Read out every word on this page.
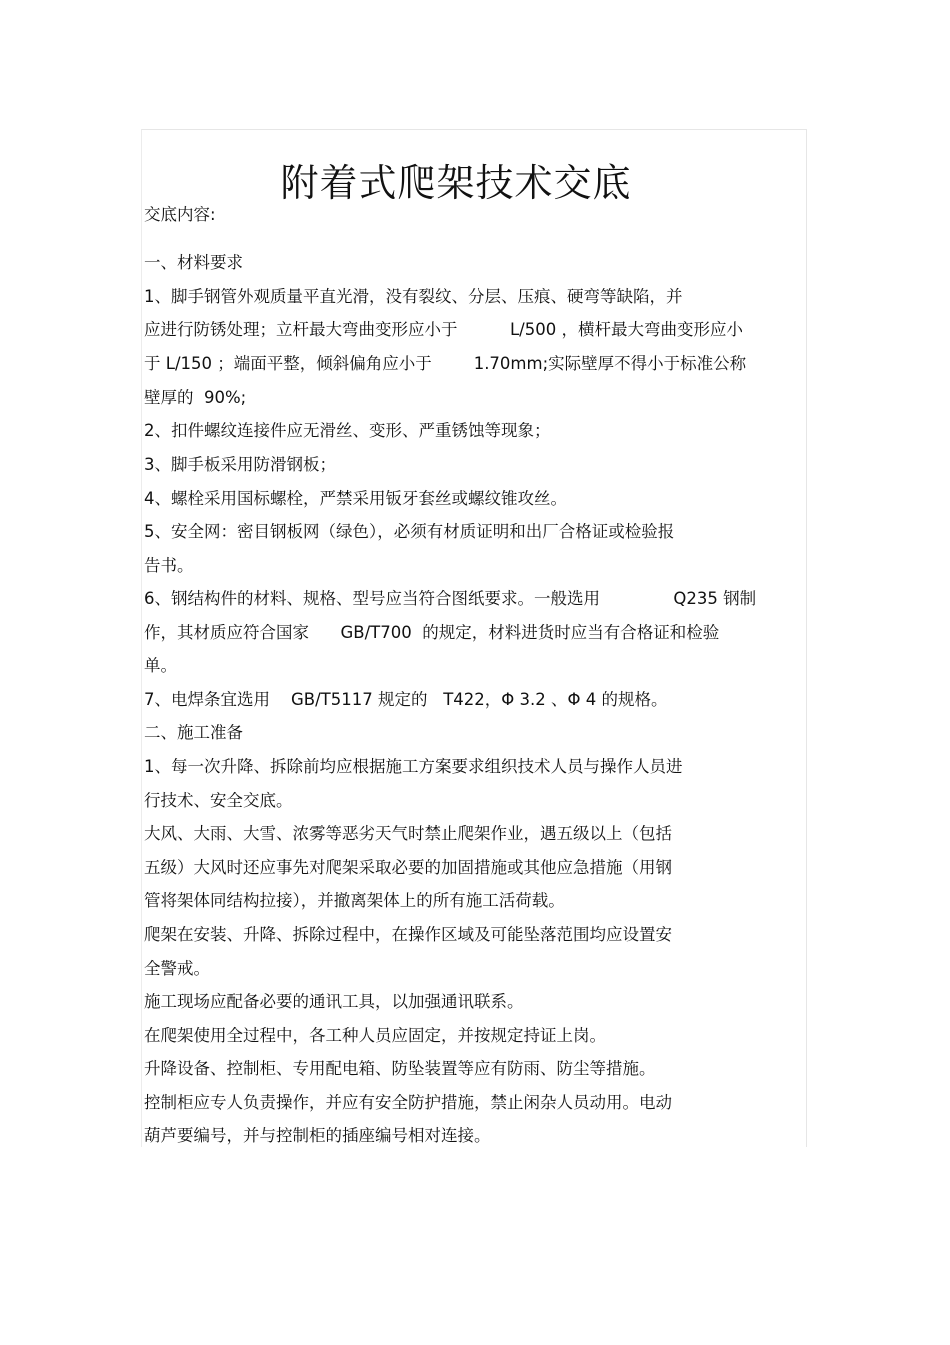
附着式爬架技术交底
交底内容:
一、材料要求
1、脚手钢管外观质量平直光滑，没有裂纹、分层、压痕、硬弯等缺陷，并
应进行防锈处理；立杆最大弯曲变形应小于          L/500 ，横杆最大弯曲变形应小
于 L/150 ；端面平整，倾斜偏角应小于        1.70mm;实际壁厚不得小于标准公称
壁厚的  90%;
2、扣件螺纹连接件应无滑丝、变形、严重锈蚀等现象；
3、脚手板采用防滑钢板；
4、螺栓采用国标螺栓，严禁采用钣牙套丝或螺纹锥攻丝。
5、安全网：密目钢板网（绿色），必须有材质证明和出厂合格证或检验报
告书。
6、钢结构件的材料、规格、型号应当符合图纸要求。一般选用              Q235 钢制
作，其材质应符合国家      GB/T700  的规定，材料进货时应当有合格证和检验
单。
7、电焊条宜选用    GB/T5117 规定的   T422，Φ 3.2 、Φ 4 的规格。
二、施工准备
1、每一次升降、拆除前均应根据施工方案要求组织技术人员与操作人员进
行技术、安全交底。
大风、大雨、大雪、浓雾等恶劣天气时禁止爬架作业，遇五级以上（包括
五级）大风时还应事先对爬架采取必要的加固措施或其他应急措施（用钢
管将架体同结构拉接），并撤离架体上的所有施工活荷载。
爬架在安装、升降、拆除过程中，在操作区域及可能坠落范围均应设置安
全警戒。
施工现场应配备必要的通讯工具，以加强通讯联系。
在爬架使用全过程中，各工种人员应固定，并按规定持证上岗。
升降设备、控制柜、专用配电箱、防坠装置等应有防雨、防尘等措施。
控制柜应专人负责操作，并应有安全防护措施，禁止闲杂人员动用。电动
葫芦要编号，并与控制柜的插座编号相对连接。
